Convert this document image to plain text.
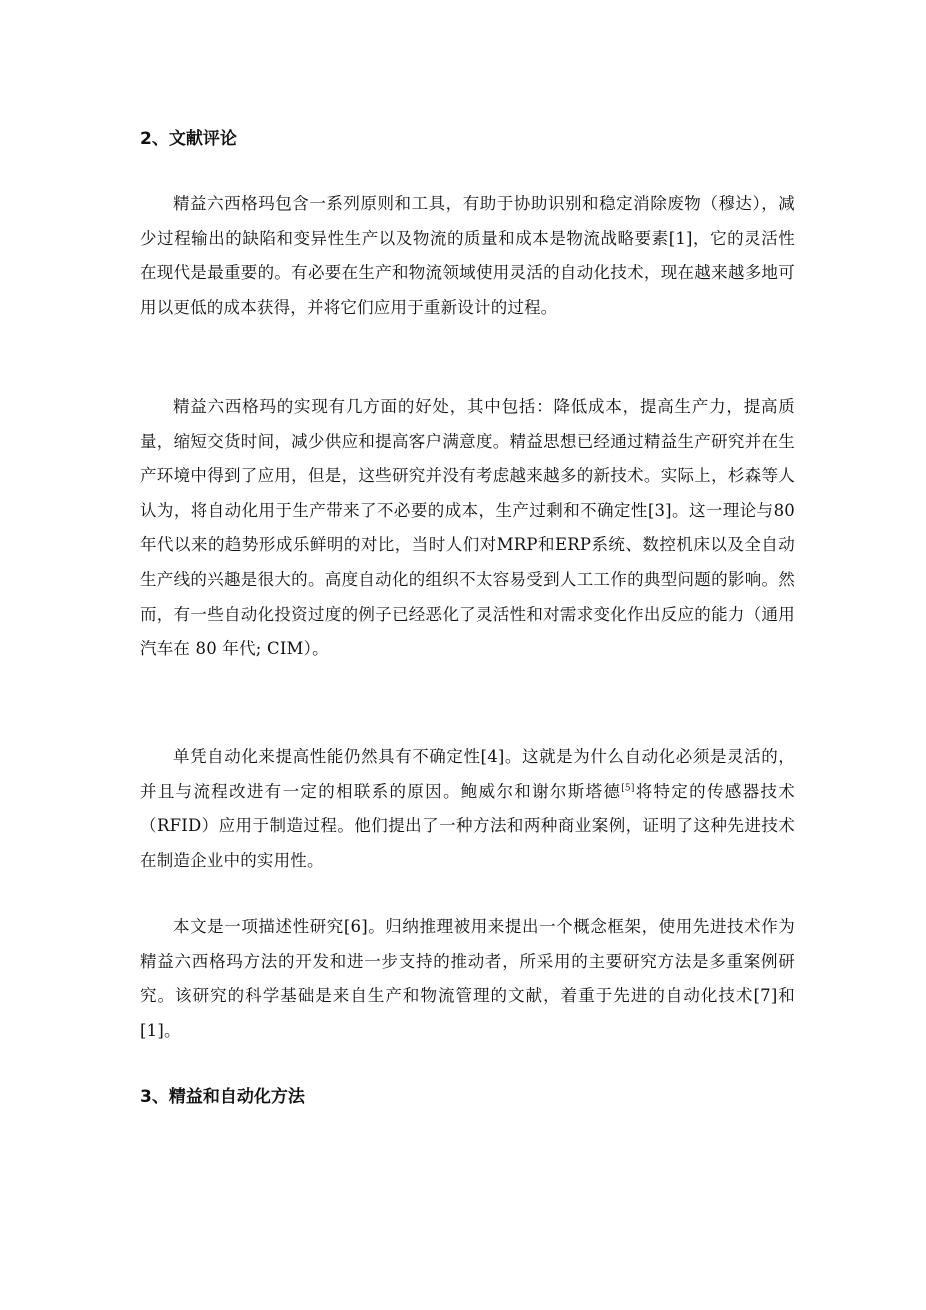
2、文献评论

精益六西格玛包含一系列原则和工具，有助于协助识别和稳定消除废物（穆达），减少过程输出的缺陷和变异性生产以及物流的质量和成本是物流战略要素[1]，它的灵活性在现代是最重要的。有必要在生产和物流领域使用灵活的自动化技术，现在越来越多地可用以更低的成本获得，并将它们应用于重新设计的过程。

精益六西格玛的实现有几方面的好处，其中包括：降低成本，提高生产力，提高质量，缩短交货时间，减少供应和提高客户满意度。精益思想已经通过精益生产研究并在生产环境中得到了应用，但是，这些研究并没有考虑越来越多的新技术。实际上，杉森等人认为，将自动化用于生产带来了不必要的成本，生产过剩和不确定性[3]。这一理论与80年代以来的趋势形成乐鲜明的对比，当时人们对MRP和ERP系统、数控机床以及全自动生产线的兴趣是很大的。高度自动化的组织不太容易受到人工工作的典型问题的影响。然而，有一些自动化投资过度的例子已经恶化了灵活性和对需求变化作出反应的能力（通用汽车在 80 年代; CIM）。

单凭自动化来提高性能仍然具有不确定性[4]。这就是为什么自动化必须是灵活的，并且与流程改进有一定的相联系的原因。鲍威尔和谢尔斯塔德[5]将特定的传感器技术（RFID）应用于制造过程。他们提出了一种方法和两种商业案例，证明了这种先进技术在制造企业中的实用性。

本文是一项描述性研究[6]。归纳推理被用来提出一个概念框架，使用先进技术作为精益六西格玛方法的开发和进一步支持的推动者，所采用的主要研究方法是多重案例研究。该研究的科学基础是来自生产和物流管理的文献，着重于先进的自动化技术[7]和[1]。

3、精益和自动化方法
